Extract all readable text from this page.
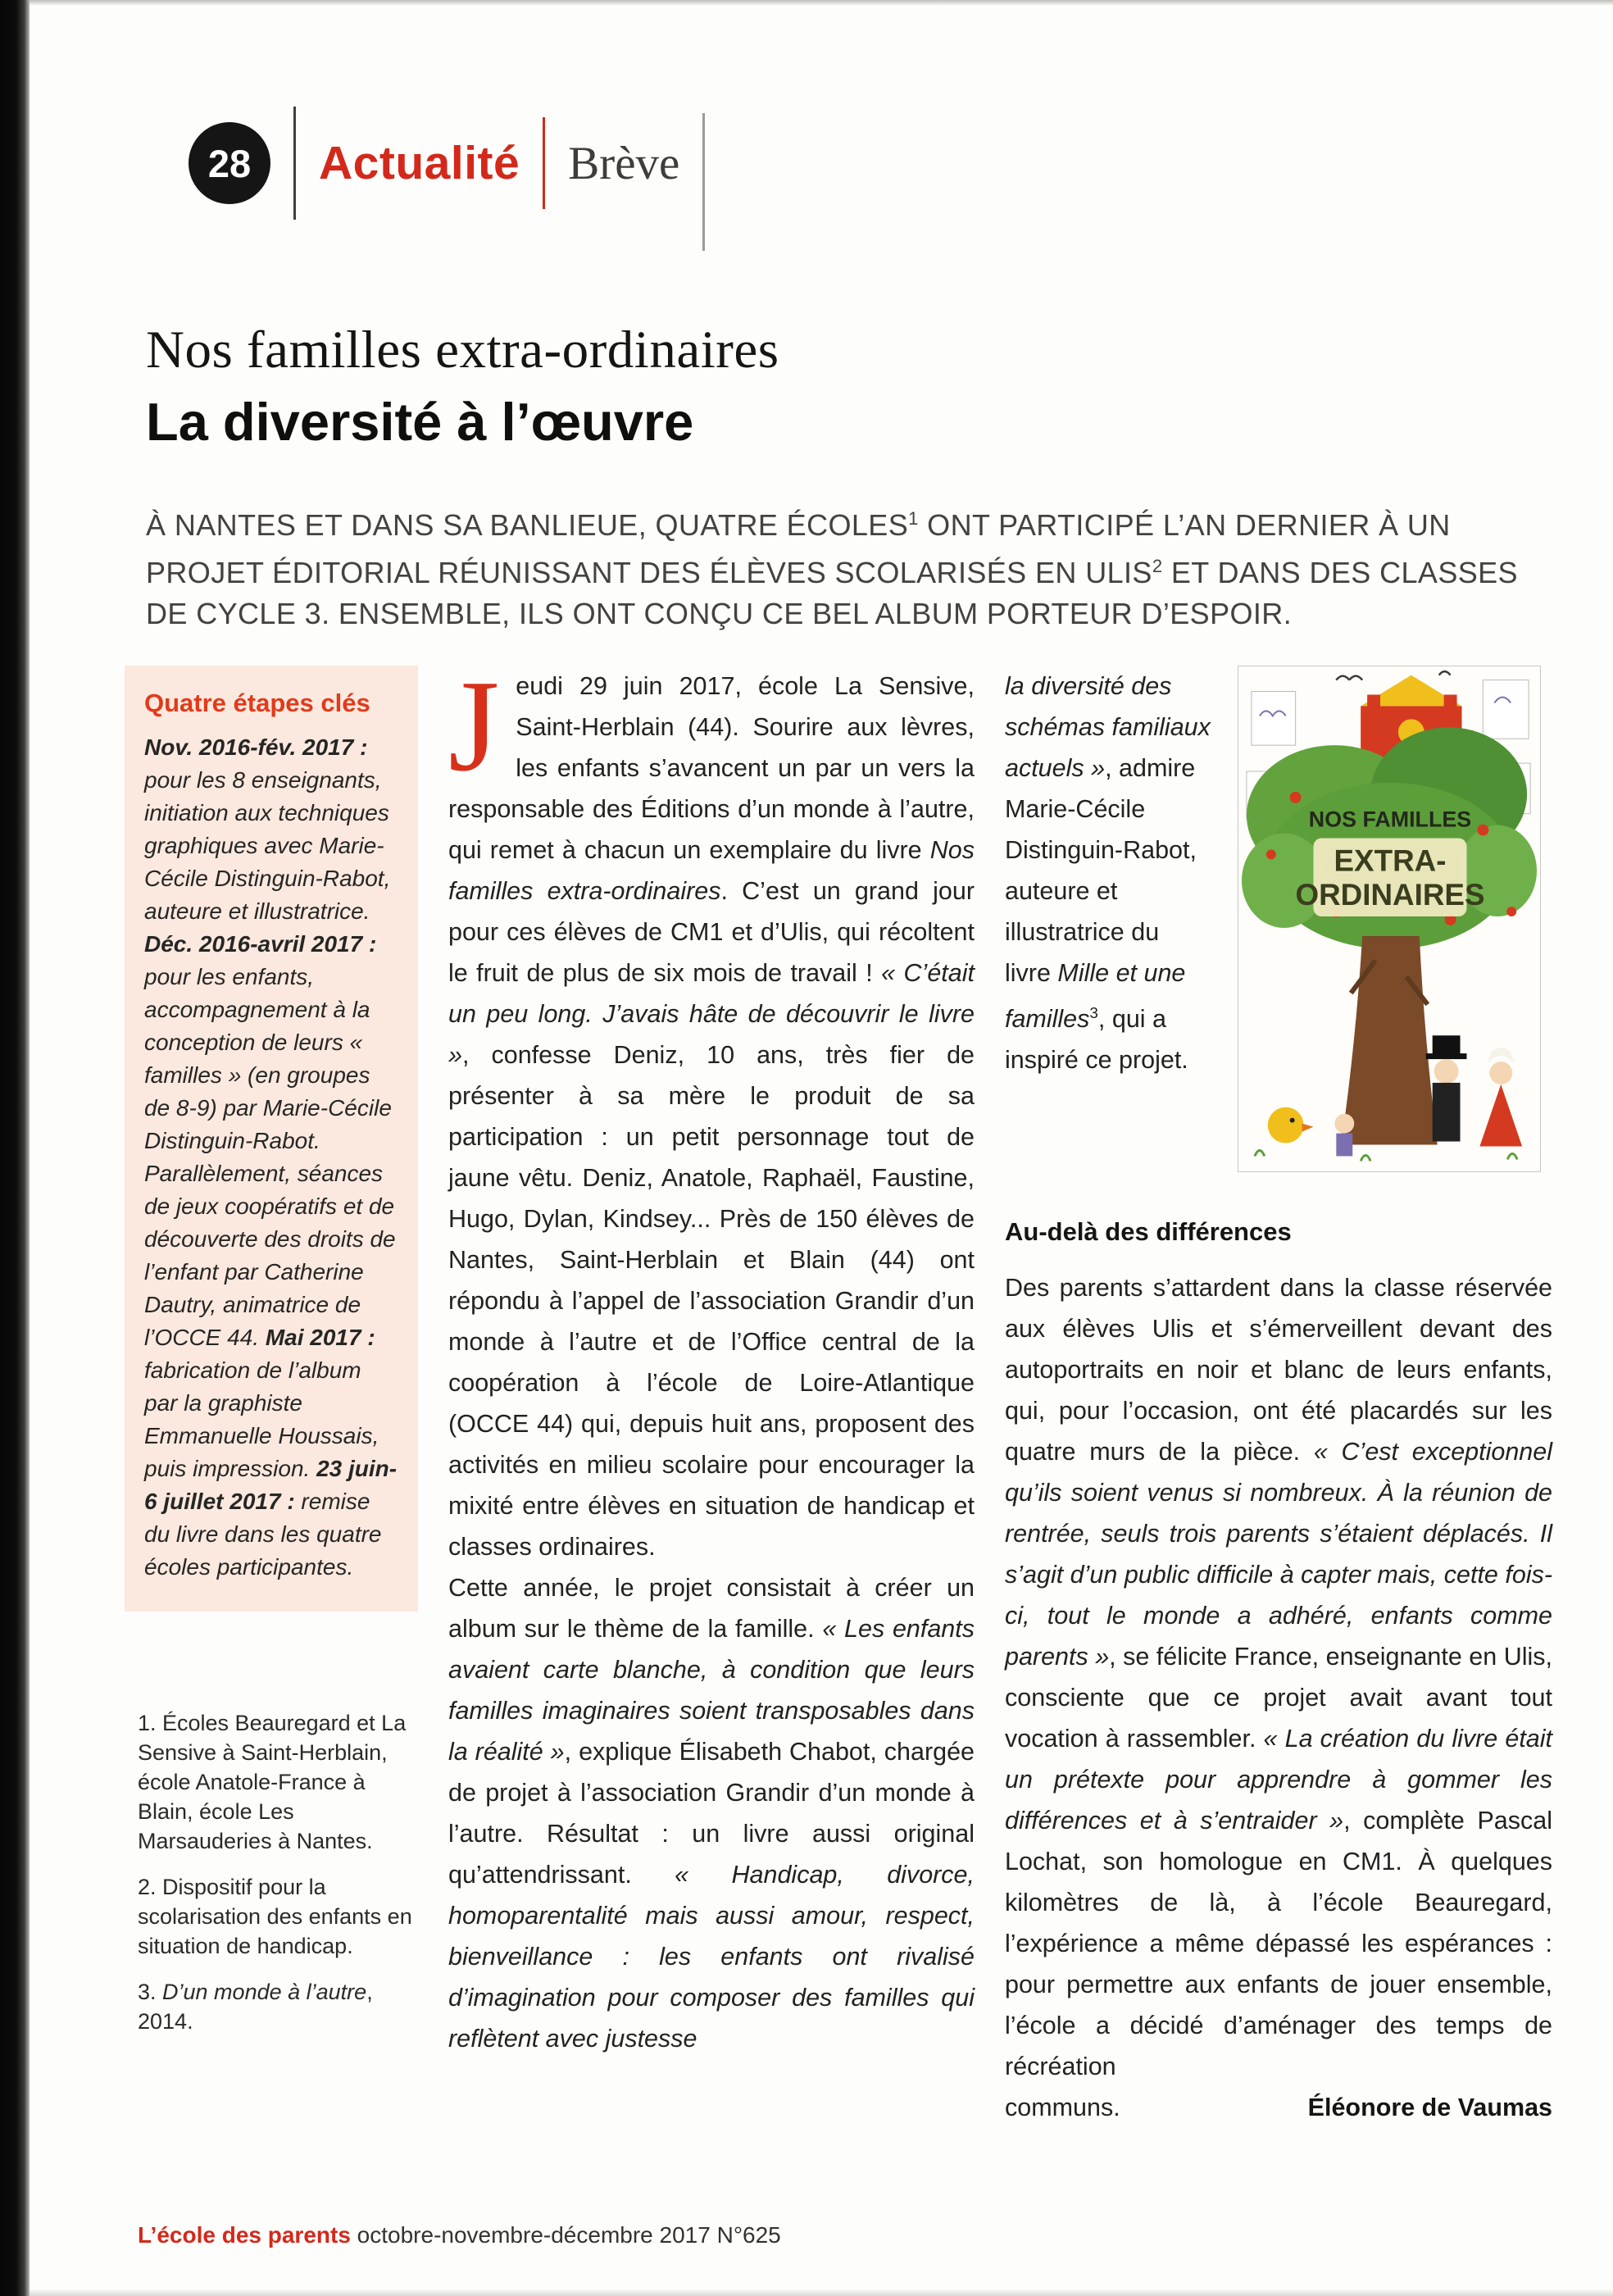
28 Actualité Brève
Nos familles extra-ordinaires
La diversité à l’œuvre

À NANTES ET DANS SA BANLIEUE, QUATRE ÉCOLES$^1$ ONT PARTICIPÉ L’AN DERNIER À UN PROJET ÉDITORIAL RÉUNISSANT DES ÉLÈVES SCOLARISÉS EN ULIS$^2$ ET DANS DES CLASSES DE CYCLE 3. ENSEMBLE, ILS ONT CONÇU CE BEL ALBUM PORTEUR D’ESPOIR.

Quatre étapes clés

Nov. 2016-fév. 2017 : pour les 8 enseignants, initiation aux techniques graphiques avec Marie-Cécile Distinguin-Rabot, auteure et illustratrice. Déc. 2016-avril 2017 : pour les enfants, accompagnement à la conception de leurs « familles » (en groupes de 8-9) par Marie-Cécile Distinguin-Rabot. Parallèlement, séances de jeux coopératifs et de découverte des droits de l’enfant par Catherine Dautry, animatrice de l’OCCE 44. Mai 2017 : fabrication de l’album par la graphiste Emmanuelle Houssais, puis impression. 23 juin-6 juillet 2017 : remise du livre dans les quatre écoles participantes.

1. Écoles Beauregard et La Sensive à Saint-Herblain, école Anatole-France à Blain, école Les Marsauderies à Nantes.

2. Dispositif pour la scolarisation des enfants en situation de handicap.

3. D’un monde à l’autre, 2014.

Jeudi 29 juin 2017, école La Sensive, Saint-Herblain (44). Sourire aux lèvres, les enfants s’avancent un par un vers la responsable des Éditions d’un monde à l’autre, qui remet à chacun un exemplaire du livre Nos familles extra-ordinaires. C’est un grand jour pour ces élèves de CM1 et d’Ulis, qui récoltent le fruit de plus de six mois de travail ! « C’était un peu long. J’avais hâte de découvrir le livre », confesse Deniz, 10 ans, très fier de présenter à sa mère le produit de sa participation : un petit personnage tout de jaune vêtu. Deniz, Anatole, Raphaël, Faustine, Hugo, Dylan, Kindsey... Près de 150 élèves de Nantes, Saint-Herblain et Blain (44) ont répondu à l’appel de l’association Grandir d’un monde à l’autre et de l’Office central de la coopération à l’école de Loire-Atlantique (OCCE 44) qui, depuis huit ans, proposent des activités en milieu scolaire pour encourager la mixité entre élèves en situation de handicap et classes ordinaires.

Cette année, le projet consistait à créer un album sur le thème de la famille. « Les enfants avaient carte blanche, à condition que leurs familles imaginaires soient transposables dans la réalité », explique Élisabeth Chabot, chargée de projet à l’association Grandir d’un monde à l’autre. Résultat : un livre aussi original qu’attendrissant. « Handicap, divorce, homoparentalité mais aussi amour, respect, bienveillance : les enfants ont rivalisé d’imagination pour composer des familles qui reflètent avec justesse

la diversité des schémas familiaux actuels », admire Marie-Cécile Distinguin-Rabot, auteure et illustratrice du livre Mille et une familles$^3$, qui a inspiré ce projet.
NOS FAMILLES
EXTRA-
ORDINAIRES
Au-delà des différences

Des parents s’attardent dans la classe réservée aux élèves Ulis et s’émerveillent devant des autoportraits en noir et blanc de leurs enfants, qui, pour l’occasion, ont été placardés sur les quatre murs de la pièce. « C’est exceptionnel qu’ils soient venus si nombreux. À la réunion de rentrée, seuls trois parents s’étaient déplacés. Il s’agit d’un public difficile à capter mais, cette fois-ci, tout le monde a adhéré, enfants comme parents », se félicite France, enseignante en Ulis, consciente que ce projet avait avant tout vocation à rassembler. « La création du livre était un prétexte pour apprendre à gommer les différences et à s’entraider », complète Pascal Lochat, son homologue en CM1. À quelques kilomètres de là, à l’école Beauregard, l’expérience a même dépassé les espérances : pour permettre aux enfants de jouer ensemble, l’école a décidé d’aménager des temps de récréation

communs.	Éléonore de Vaumas
L’école des parents octobre-novembre-décembre 2017 N°625
